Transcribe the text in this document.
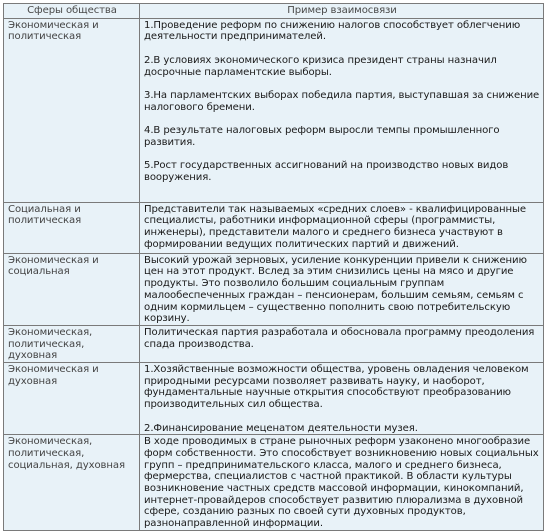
Сферы общества	Пример взаимосвязи
Экономическая и политическая	1.Проведение реформ по снижению налогов способствует облегчению деятельности предпринимателей.
2.В условиях экономического кризиса президент страны назначил досрочные парламентские выборы.
3.На парламентских выборах победила партия, выступавшая за снижение налогового бремени.
4.В результате налоговых реформ выросли темпы промышленного развития.
5.Рост государственных ассигнований на производство новых видов вооружения.

Социальная и политическая	Представители так называемых «средних слоев» - квалифицированные специалисты, работники информационной сферы (программисты, инженеры), представители малого и среднего бизнеса участвуют в формировании ведущих политических партий и движений.

Экономическая и социальная	Высокий урожай зерновых, усиление конкуренции привели к снижению цен на этот продукт. Вслед за этим снизились цены на мясо и другие продукты. Это позволило большим социальным группам малообеспеченных граждан – пенсионерам, большим семьям, семьям с одним кормильцем – существенно пополнить свою потребительскую корзину.

Экономическая, политическая, духовная	Политическая партия разработала и обосновала программу преодоления спада производства.

Экономическая и духовная	1.Хозяйственные возможности общества, уровень овладения человеком природными ресурсами позволяет развивать науку, и наоборот, фундаментальные научные открытия способствуют преобразованию производительных сил общества.
2.Финансирование меценатом деятельности музея.

Экономическая, политическая, социальная, духовная	В ходе проводимых в стране рыночных реформ узаконено многообразие форм собственности. Это способствует возникновению новых социальных групп – предпринимательского класса, малого и среднего бизнеса, фермерства, специалистов с частной практикой. В области культуры возникновение частных средств массовой информации, кинокомпаний, интернет-провайдеров способствует развитию плюрализма в духовной сфере, созданию разных по своей сути духовных продуктов, разнонаправленной информации.
